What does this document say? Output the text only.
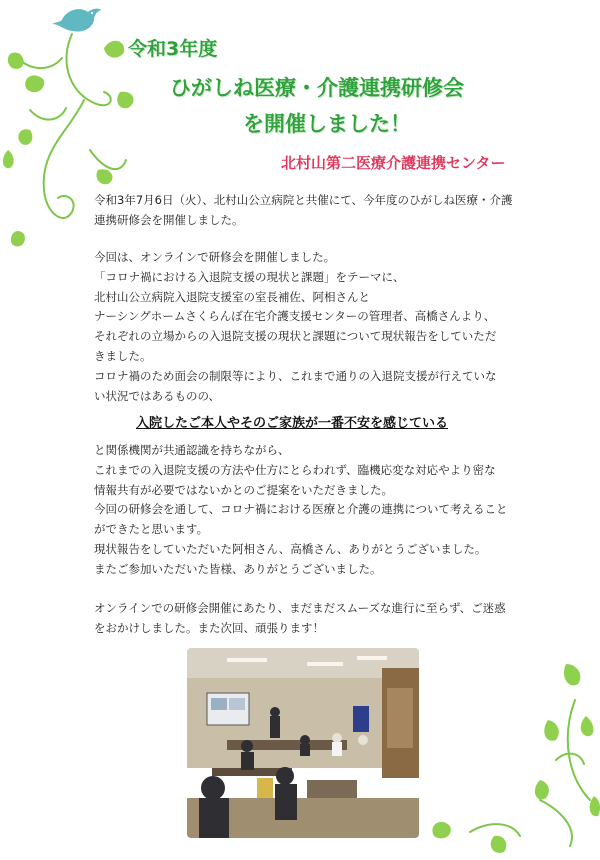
令和3年度
ひがしね医療・介護連携研修会
を開催しました！
北村山第二医療介護連携センター

令和3年7月6日（火）、北村山公立病院と共催にて、今年度のひがしね医療・介護
連携研修会を開催しました。

今回は、オンラインで研修会を開催しました。
「コロナ禍における入退院支援の現状と課題」をテーマに、
北村山公立病院入退院支援室の室長補佐、阿相さんと
ナーシングホームさくらんぼ在宅介護支援センターの管理者、高橋さんより、
それぞれの立場からの入退院支援の現状と課題について現状報告をしていただ
きました。
コロナ禍のため面会の制限等により、これまで通りの入退院支援が行えていな
い状況ではあるものの、

入院したご本人やそのご家族が一番不安を感じている

と関係機関が共通認識を持ちながら、
これまでの入退院支援の方法や仕方にとらわれず、臨機応変な対応やより密な
情報共有が必要ではないかとのご提案をいただきました。
今回の研修会を通して、コロナ禍における医療と介護の連携について考えること
ができたと思います。
現状報告をしていただいた阿相さん、高橋さん、ありがとうございました。
またご参加いただいた皆様、ありがとうございました。

オンラインでの研修会開催にあたり、まだまだスムーズな進行に至らず、ご迷惑
をおかけしました。また次回、頑張ります！
